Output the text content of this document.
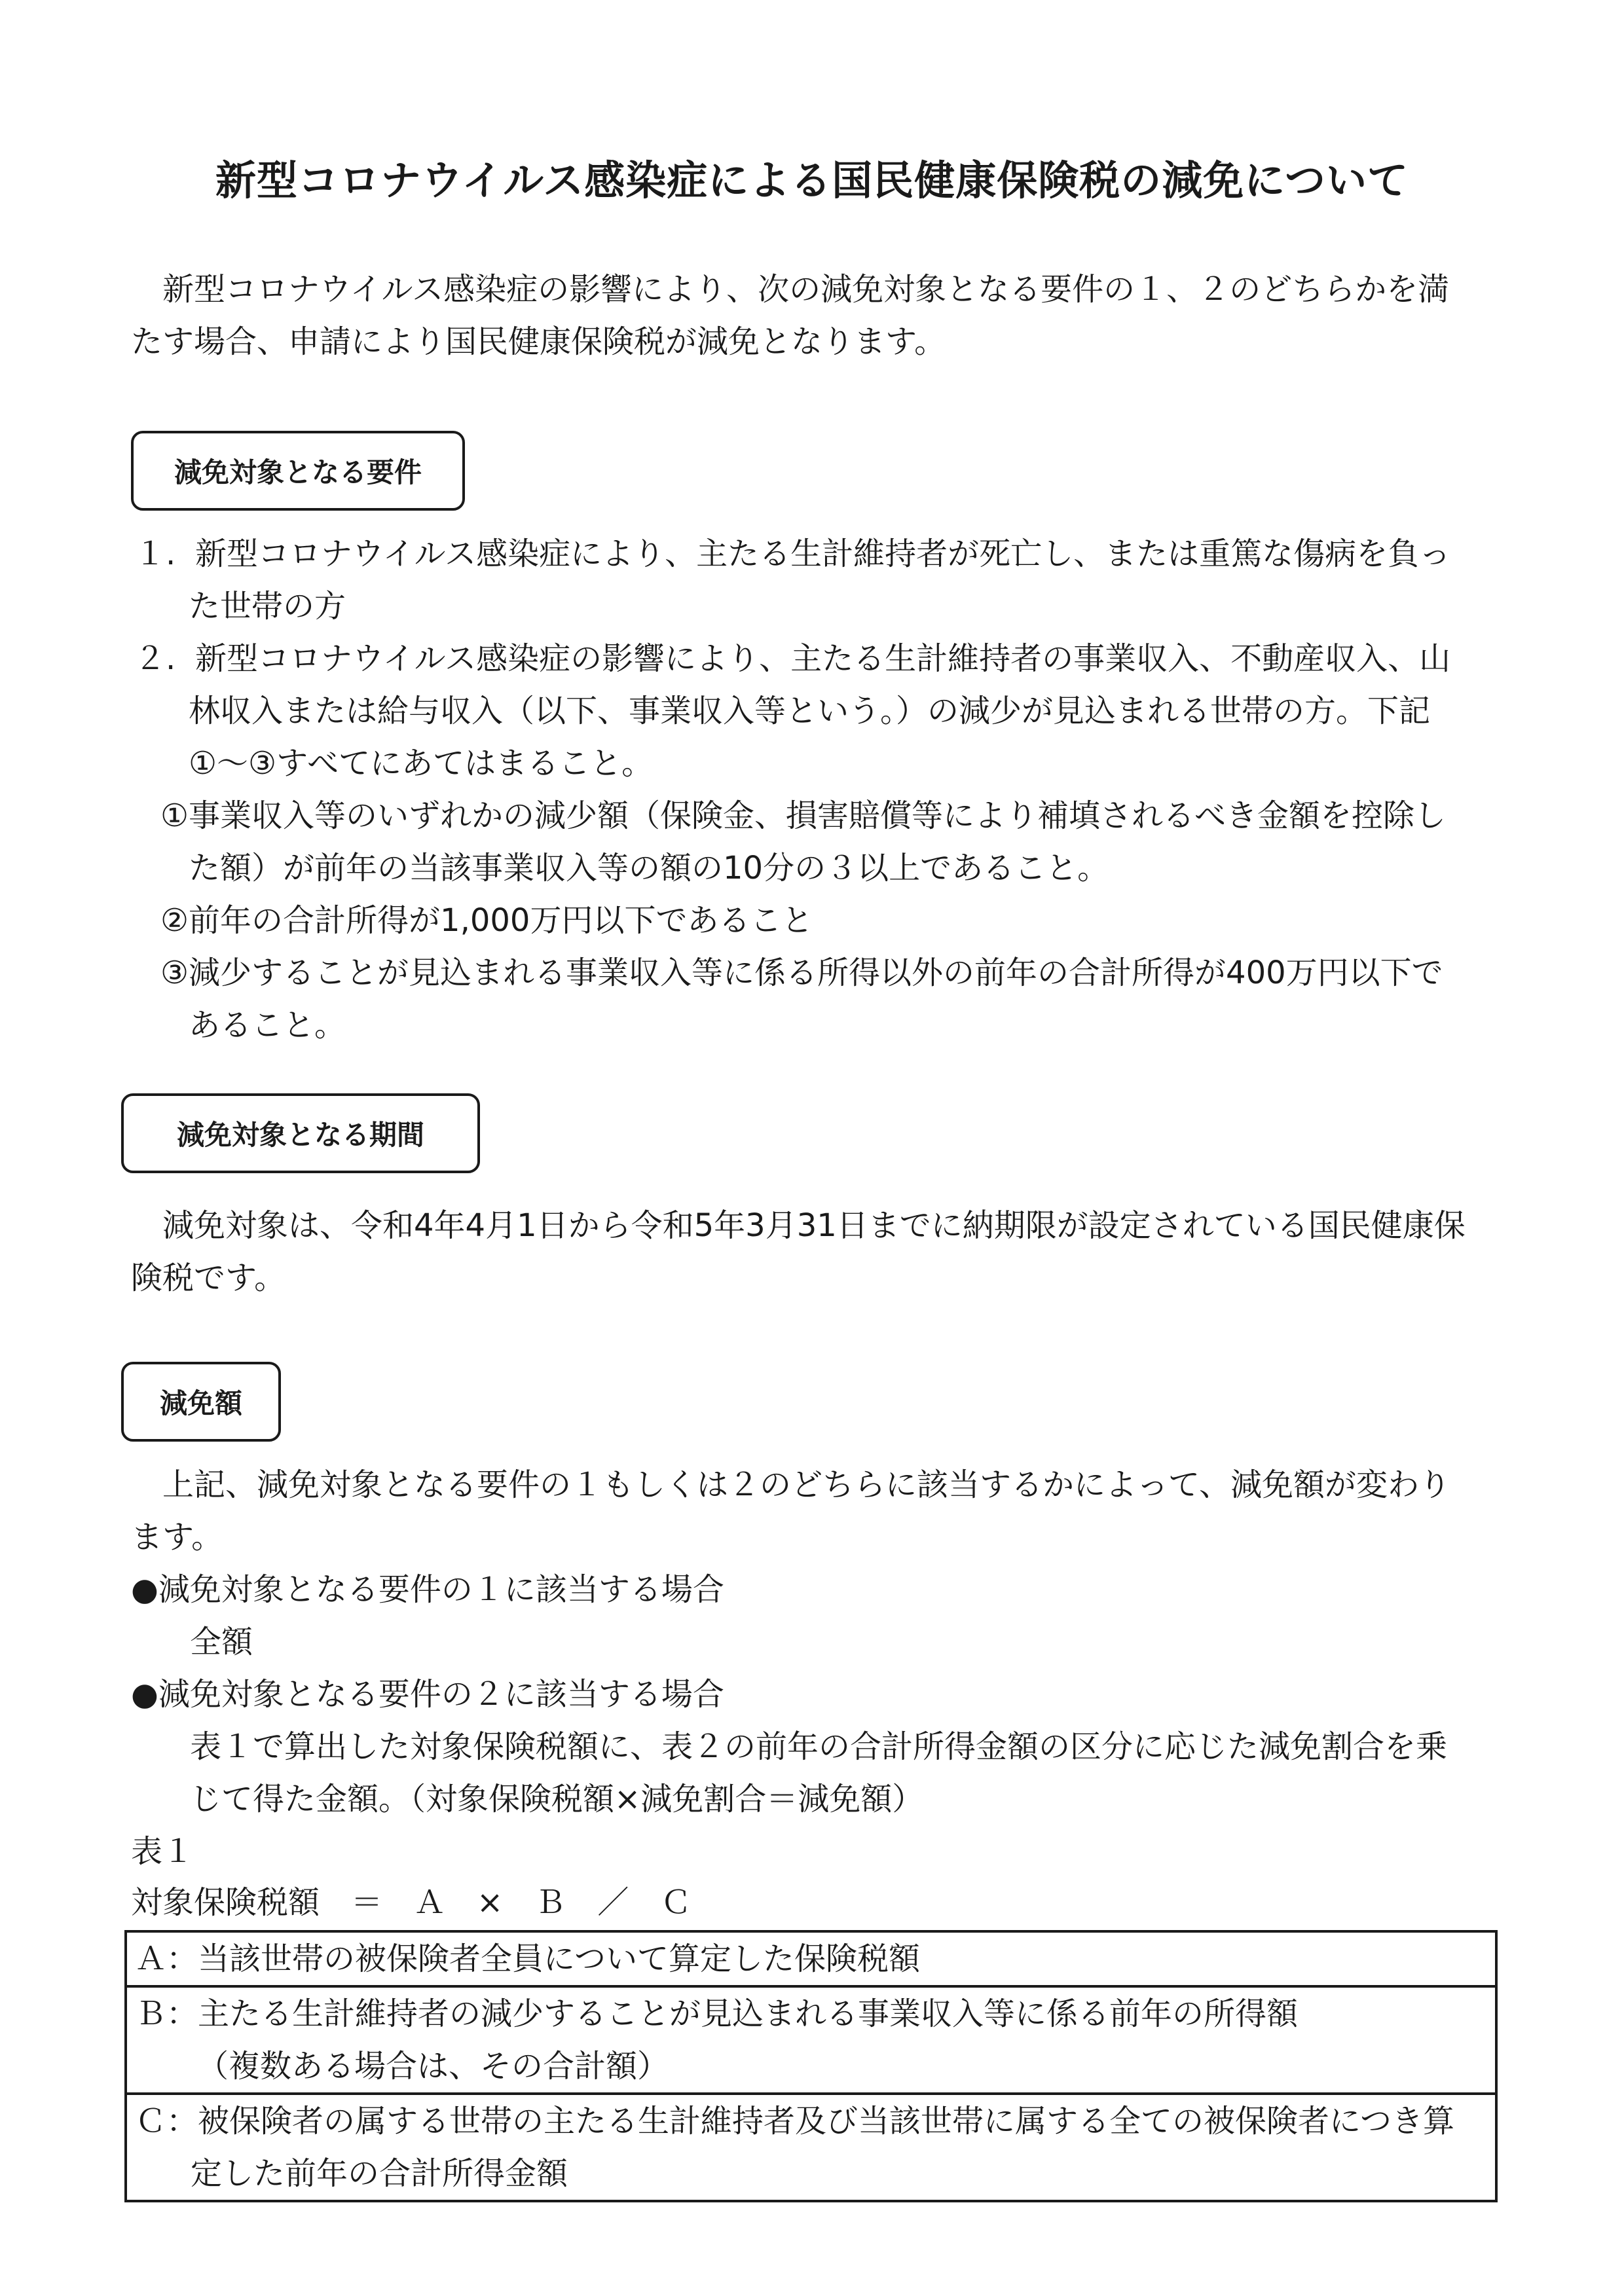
新型コロナウイルス感染症による国民健康保険税の減免について
新型コロナウイルス感染症の影響により、次の減免対象となる要件の１、２のどちらかを満
たす場合、申請により国民健康保険税が減免となります。
減免対象となる要件
１. 新型コロナウイルス感染症により、主たる生計維持者が死亡し、または重篤な傷病を負っ
た世帯の方
２. 新型コロナウイルス感染症の影響により、主たる生計維持者の事業収入、不動産収入、山
林収入または給与収入（以下、事業収入等という。）の減少が見込まれる世帯の方。下記
①～③すべてにあてはまること。
①事業収入等のいずれかの減少額（保険金、損害賠償等により補填されるべき金額を控除し
た額）が前年の当該事業収入等の額の10分の３以上であること。
②前年の合計所得が1,000万円以下であること
③減少することが見込まれる事業収入等に係る所得以外の前年の合計所得が400万円以下で
あること。
減免対象となる期間
減免対象は、令和4年4月1日から令和5年3月31日までに納期限が設定されている国民健康保
険税です。
減免額
上記、減免対象となる要件の１もしくは２のどちらに該当するかによって、減免額が変わり
ます。
●減免対象となる要件の１に該当する場合
全額
●減免対象となる要件の２に該当する場合
表１で算出した対象保険税額に、表２の前年の合計所得金額の区分に応じた減免割合を乗
じて得た金額。（対象保険税額×減免割合＝減免額）
表１
対象保険税額　＝　Ａ　×　Ｂ　／　Ｃ
Ａ：当該世帯の被保険者全員について算定した保険税額
Ｂ：主たる生計維持者の減少することが見込まれる事業収入等に係る前年の所得額
（複数ある場合は、その合計額）
Ｃ：被保険者の属する世帯の主たる生計維持者及び当該世帯に属する全ての被保険者につき算
定した前年の合計所得金額
